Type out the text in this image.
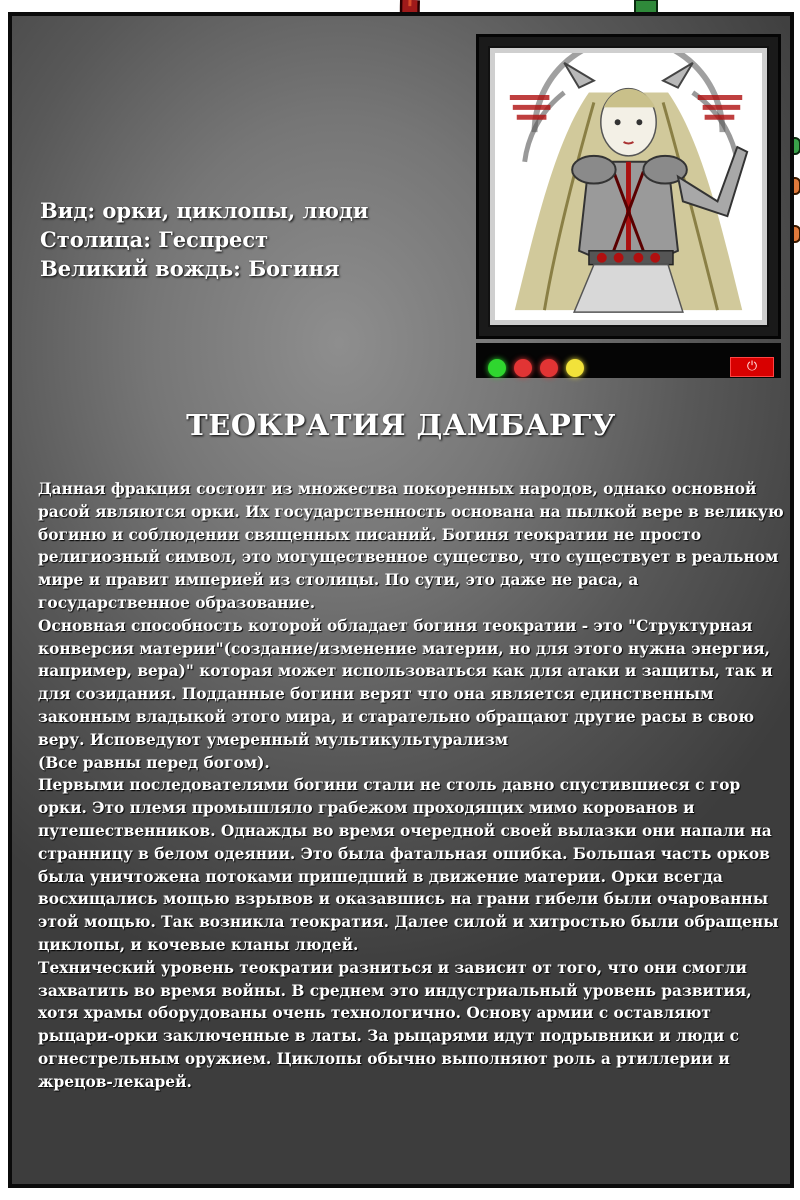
Вид: орки, циклопы, люди
Столица: Геспрест
Великий вождь: Богиня
ТЕОКРАТИЯ ДАМБАРГУ

Данная фракция состоит из множества покоренных народов, однако основной расой являются орки. Их государственность основана на пылкой вере в великую богиню и соблюдении священных писаний. Богиня теократии не просто религиозный символ, это могущественное существо, что существует в реальном мире и правит империей из столицы. По сути, это даже не раса, а государственное образование.

Основная способность которой обладает богиня теократии - это "Структурная конверсия материи"(создание/изменение материи, но для этого нужна энергия, например, вера)" которая может использоваться как для атаки и защиты, так и для созидания. Подданные богини верят что она является единственным законным владыкой этого мира, и старательно обращают другие расы в свою веру. Исповедуют умеренный мультикультурализм
(Все равны перед богом).

Первыми последователями богини стали не столь давно спустившиеся с гор орки. Это племя промышляло грабежом проходящих мимо корованов и путешественников. Однажды во время очередной своей вылазки они напали на странницу в белом одеянии. Это была фатальная ошибка. Большая часть орков была уничтожена потоками пришедший в движение материи. Орки всегда восхищались мощью взрывов и оказавшись на грани гибели были очарованны этой мощью. Так возникла теократия. Далее силой и хитростью были обращены циклопы, и кочевые кланы людей.

Технический уровень теократии разниться и зависит от того, что они смогли захватить во время войны. В среднем это индустриальный уровень развития, хотя храмы оборудованы очень технологично. Основу армии с оставляют рыцари-орки заключенные в латы. За рыцарями идут подрывники и люди с огнестрельным оружием. Циклопы обычно выполняют роль а ртиллерии и жрецов-лекарей.

⏻
